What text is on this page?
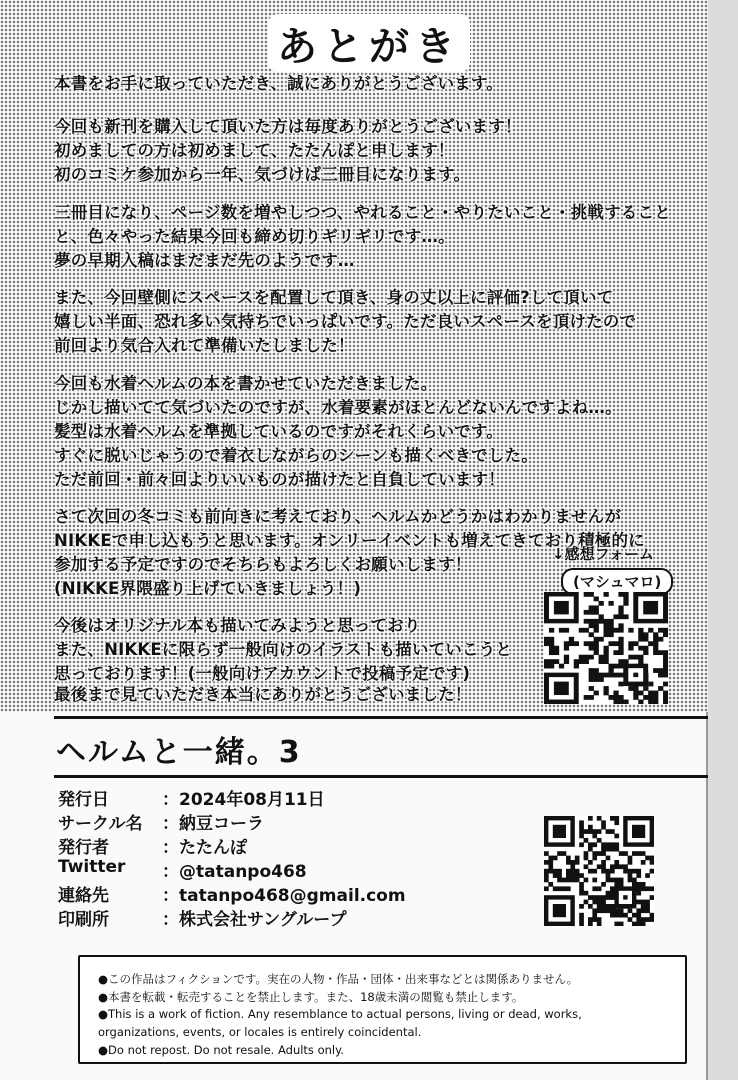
あとがき
本書をお手に取っていただき、誠にありがとうございます。
今回も新刊を購入して頂いた方は毎度ありがとうございます！
初めましての方は初めまして、たたんぽと申します！
初のコミケ参加から一年、気づけば三冊目になります。
三冊目になり、ページ数を増やしつつ、やれること・やりたいこと・挑戦すること
と、色々やった結果今回も締め切りギリギリです…。
夢の早期入稿はまだまだ先のようです…
また、今回壁側にスペースを配置して頂き、身の丈以上に評価?して頂いて
嬉しい半面、恐れ多い気持ちでいっぱいです。ただ良いスペースを頂けたので
前回より気合入れて準備いたしました！
今回も水着ヘルムの本を書かせていただきました。
じかし描いてて気づいたのですが、水着要素がほとんどないんですよね…。
髪型は水着ヘルムを準拠しているのですがそれくらいです。
すぐに脱いじゃうので着衣しながらのシーンも描くべきでした。
ただ前回・前々回よりいいものが描けたと自負しています！
さて次回の冬コミも前向きに考えており、ヘルムかどうかはわかりませんが
NIKKEで申し込もうと思います。オンリーイベントも増えてきており積極的に
参加する予定ですのでそちらもよろしくお願いします！
(NIKKE界隈盛り上げていきましょう！)
今後はオリジナル本も描いてみようと思っており
また、NIKKEに限らず一般向けのイラストも描いていこうと
思っております！(一般向けアカウントで投稿予定です)
最後まで見ていただき本当にありがとうございました！
↓感想フォーム
(マシュマロ)
ヘルムと一緒。3
発行日	：2024年08月11日
サークル名 ：納豆コーラ
発行者	：たたんぽ
Twitter ：@tatanpo468
連絡先	：tatanpo468@gmail.com
印刷所	：株式会社サングループ
●この作品はフィクションです。実在の人物・作品・団体・出来事などとは関係ありません。
●本書を転載・転売することを禁止します。また、18歳未満の閲覧も禁止します。
●This is a work of fiction. Any resemblance to actual persons, living or dead, works,
organizations, events, or locales is entirely coincidental.
●Do not repost. Do not resale. Adults only.
